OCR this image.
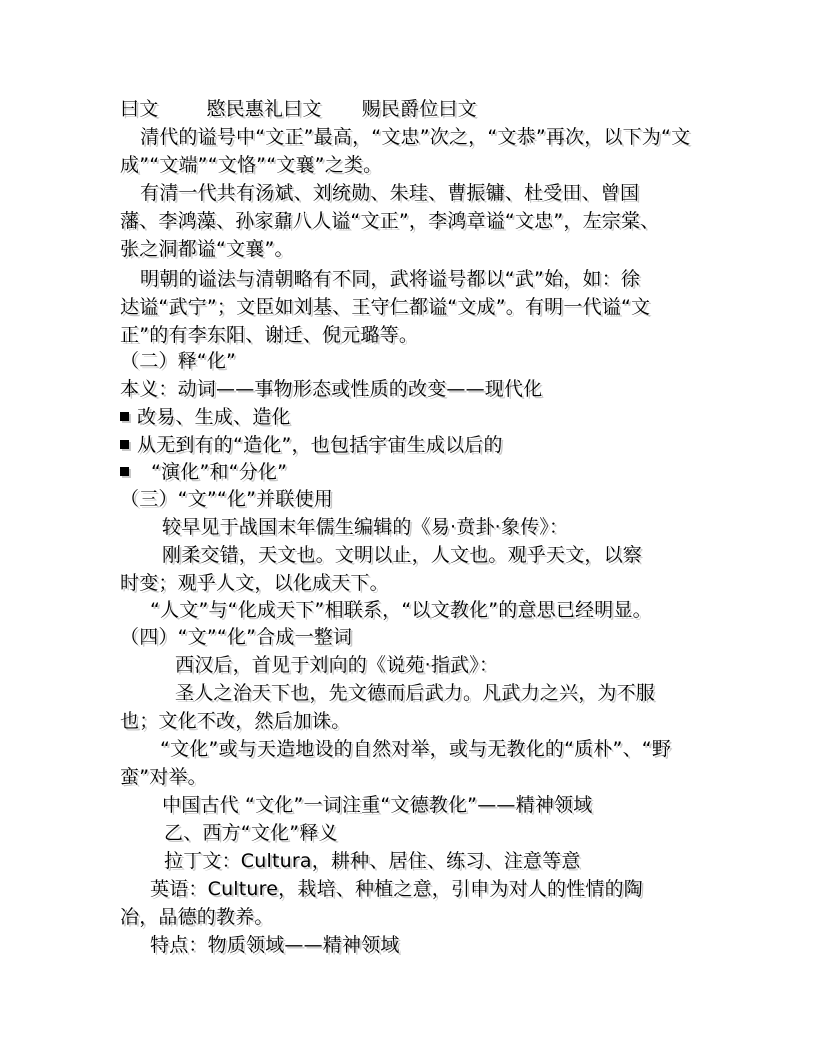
曰文	愍民惠礼曰文 赐民爵位曰文
清代的谥号中“文正”最高，“文忠”次之，“文恭”再次，以下为“文
成”“文端”“文恪”“文襄”之类。
有清一代共有汤斌、刘统勋、朱珪、曹振镛、杜受田、曾国
藩、李鸿藻、孙家鼐八人谥“文正”，李鸿章谥“文忠”，左宗棠、
张之洞都谥“文襄”。
明朝的谥法与清朝略有不同，武将谥号都以“武”始，如：徐
达谥“武宁”；文臣如刘基、王守仁都谥“文成”。有明一代谥“文
正”的有李东阳、谢迁、倪元璐等。
（二）释“化”
本义：动词——事物形态或性质的改变——现代化
改易、生成、造化
从无到有的“造化”，也包括宇宙生成以后的
“演化”和“分化”
（三）“文”“化”并联使用
较早见于战国末年儒生编辑的《易·贲卦·象传》：
刚柔交错，天文也。文明以止，人文也。观乎天文，以察
时变；观乎人文，以化成天下。
“人文”与“化成天下”相联系，“以文教化”的意思已经明显。
（四）“文”“化”合成一整词
西汉后，首见于刘向的《说苑·指武》：
圣人之治天下也，先文德而后武力。凡武力之兴，为不服
也；文化不改，然后加诛。
“文化”或与天造地设的自然对举，或与无教化的“质朴”、“野
蛮”对举。
中国古代 “文化”一词注重“文德教化”——精神领域
乙、西方“文化”释义
拉丁文：Cultura，耕种、居住、练习、注意等意
英语：Culture，栽培、种植之意，引申为对人的性情的陶
冶，品德的教养。
特点：物质领域——精神领域
